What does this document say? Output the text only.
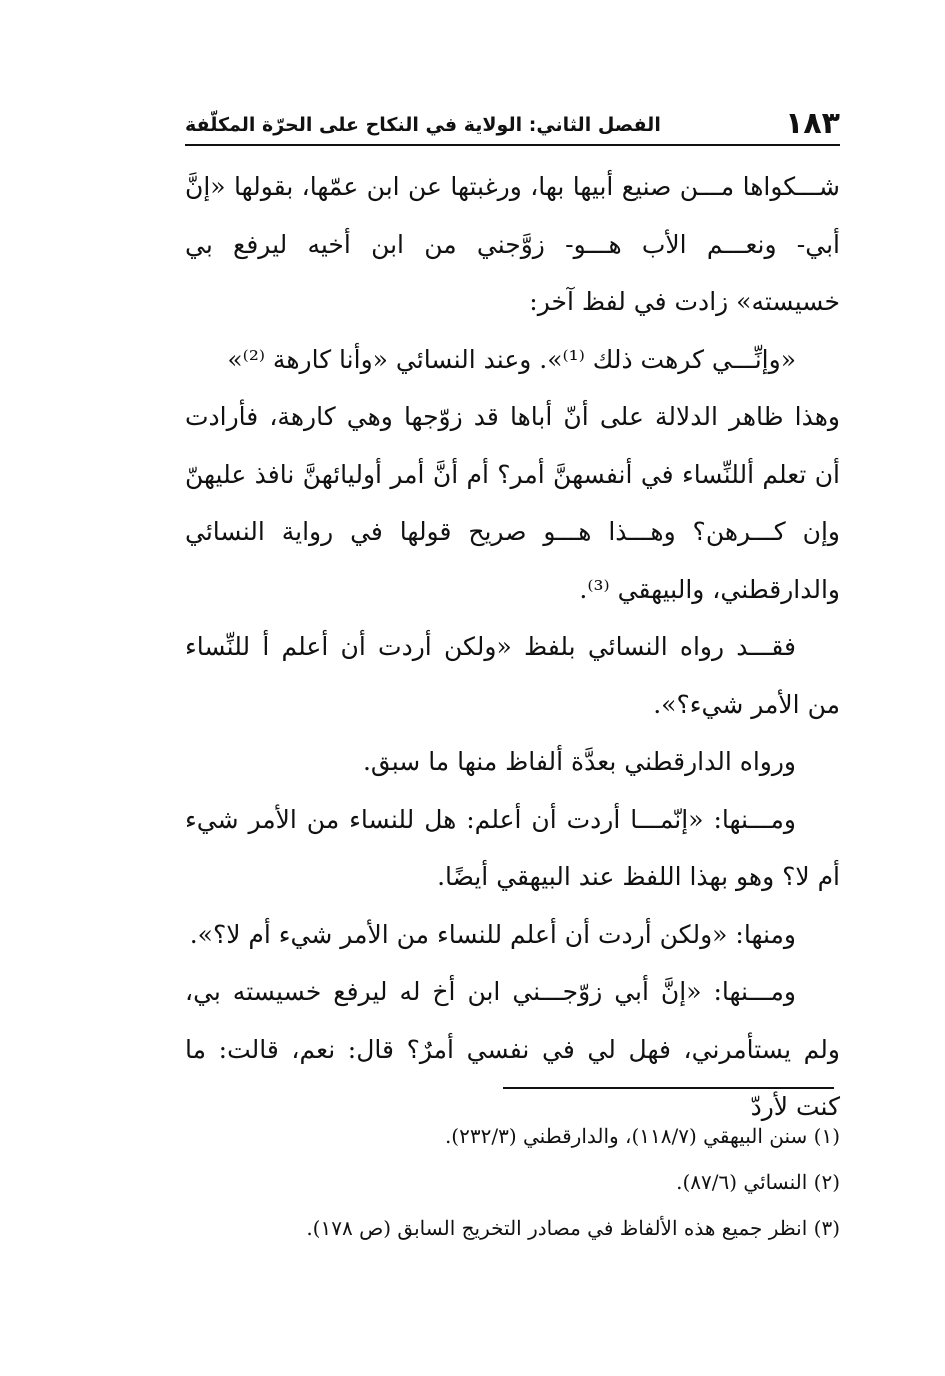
١٨٣
الفصل الثاني: الولاية في النكاح على الحرّة المكلّفة

شـــكواها مـــن صنيع أبيها بها، ورغبتها عن ابن عمّها، بقولها «إنَّ أبي- ونعـــم الأب هـــو- زوَّجني من ابن أخيه ليرفع بي خسيسته» زادت في لفظ آخر:

«وإنِّـــي كرهت ذلك ⁽¹⁾». وعند النسائي «وأنا كارهة ⁽²⁾»

وهذا ظاهر الدلالة على أنّ أباها قد زوّجها وهي كارهة، فأرادت أن تعلم أللنِّساء في أنفسهنَّ أمر؟ أم أنَّ أمر أوليائهنَّ نافذ عليهنّ وإن كـــرهن؟ وهـــذا هـــو صريح قولها في رواية النسائي والدارقطني، والبيهقي ⁽³⁾.

فقـــد رواه النسائي بلفظ «ولكن أردت أن أعلم أ للنِّساء من الأمر شيء؟».

ورواه الدارقطني بعدَّة ألفاظ منها ما سبق.

ومـــنها: «إنّمـــا أردت أن أعلم: هل للنساء من الأمر شيء أم لا؟ وهو بهذا اللفظ عند البيهقي أيضًا.

ومنها: «ولكن أردت أن أعلم للنساء من الأمر شيء أم لا؟».

ومـــنها: «إنَّ أبي زوّجـــني ابن أخ له ليرفع خسيسته بي، ولم يستأمرني، فهل لي في نفسي أمرٌ؟ قال: نعم، قالت: ما كنت لأردّ

(١) سنن البيهقي (١١٨/٧)، والدارقطني (٢٣٢/٣).

(٢) النسائي (٨٧/٦).

(٣) انظر جميع هذه الألفاظ في مصادر التخريج السابق (ص ١٧٨).
